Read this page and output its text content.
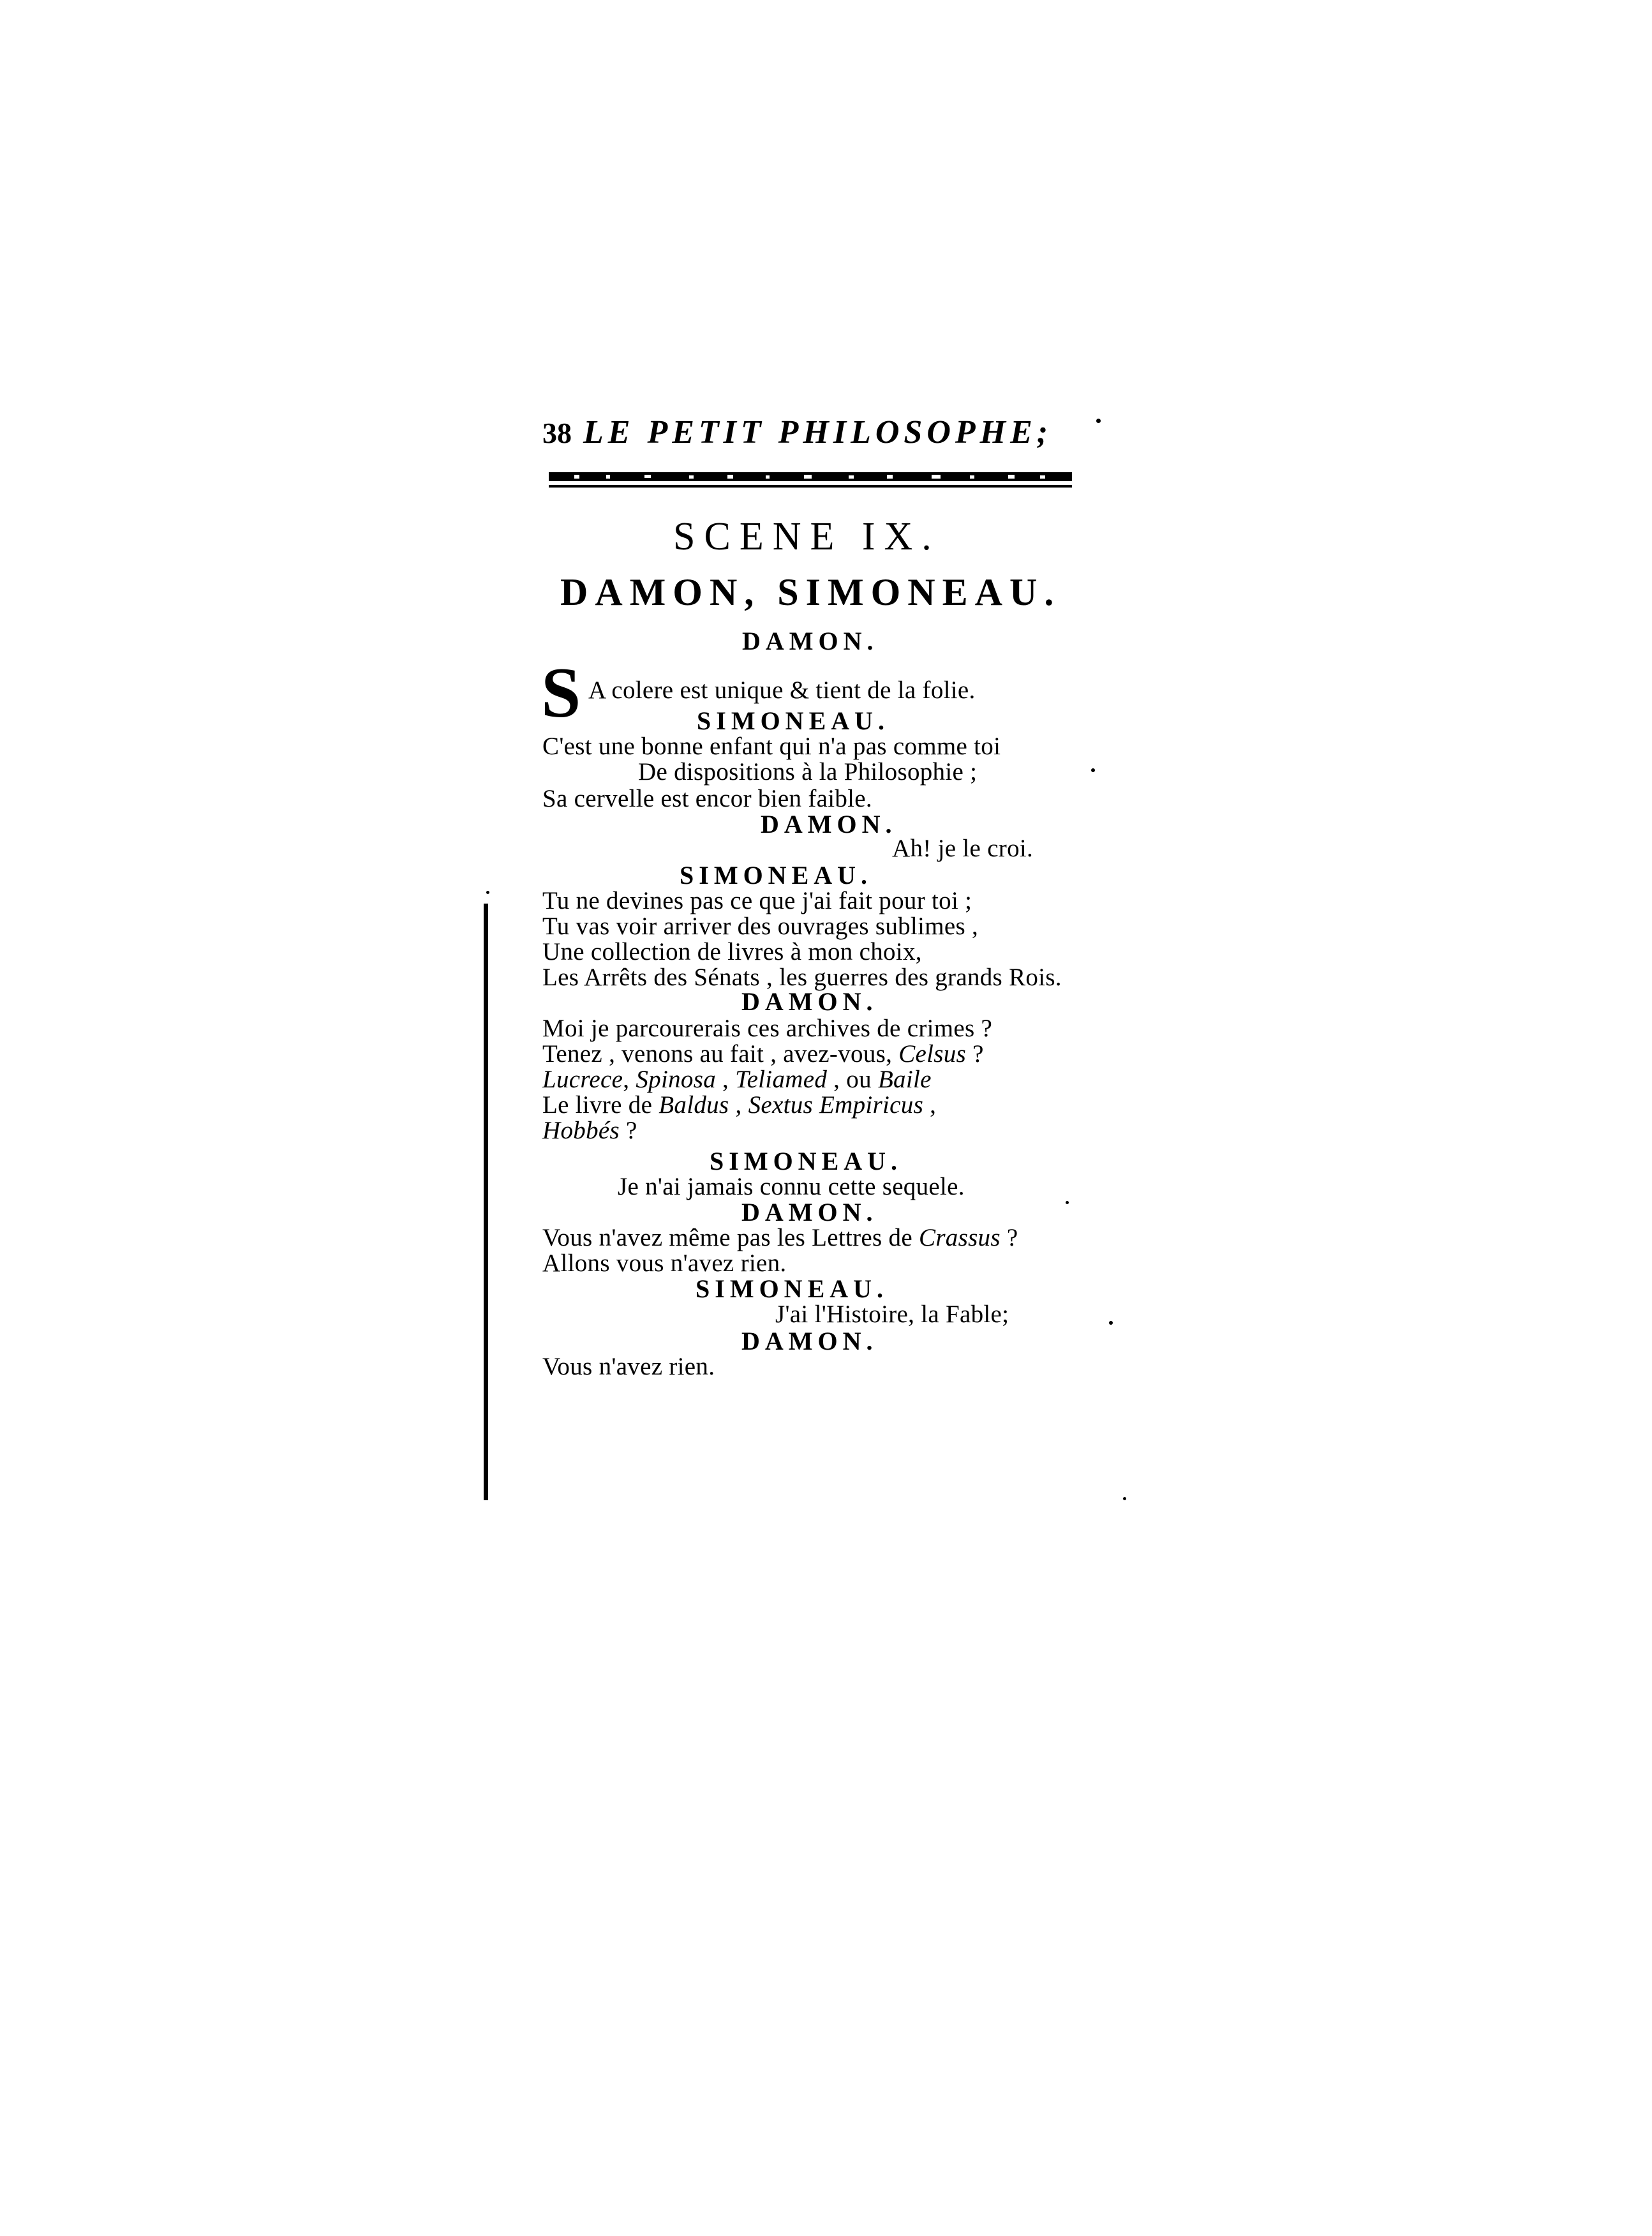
38 LE PETIT PHILOSOPHE;
SCENE IX.
DAMON, SIMONEAU.
DAMON.
S A colere est unique & tient de la folie.
SIMONEAU.
C'est une bonne enfant qui n'a pas comme toi
De dispositions à la Philosophie ;
Sa cervelle est encor bien faible.
DAMON.
Ah! je le croi.
SIMONEAU.
Tu ne devines pas ce que j'ai fait pour toi ;
Tu vas voir arriver des ouvrages sublimes ,
Une collection de livres à mon choix,
Les Arrêts des Sénats , les guerres des grands Rois.
DAMON.
Moi je parcourerais ces archives de crimes ?
Tenez , venons au fait , avez-vous, Celsus ?
Lucrece, Spinosa , Teliamed , ou Baile
Le livre de Baldus , Sextus Empiricus ,
Hobbés ?
SIMONEAU.
Je n'ai jamais connu cette sequele.
DAMON.
Vous n'avez même pas les Lettres de Crassus ?
Allons vous n'avez rien.
SIMONEAU.
J'ai l'Histoire, la Fable;
DAMON.
Vous n'avez rien.
